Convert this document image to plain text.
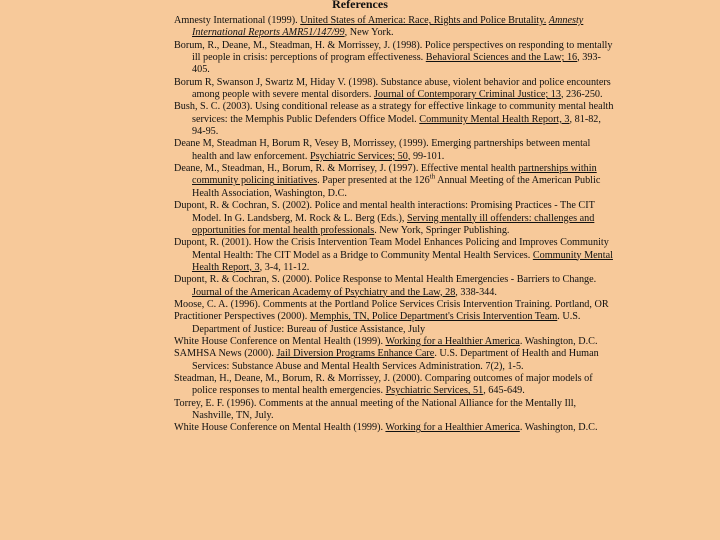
References

Amnesty International (1999). United States of America: Race, Rights and Police Brutality. Amnesty International Reports AMR51/147/99, New York.

Borum, R., Deane, M., Steadman, H. & Morrissey, J. (1998). Police perspectives on responding to mentally ill people in crisis: perceptions of program effectiveness. Behavioral Sciences and the Law; 16, 393-405.

Borum R, Swanson J, Swartz M, Hiday V. (1998). Substance abuse, violent behavior and police encounters among people with severe mental disorders. Journal of Contemporary Criminal Justice; 13, 236-250.

Bush, S. C. (2003). Using conditional release as a strategy for effective linkage to community mental health services: the Memphis Public Defenders Office Model. Community Mental Health Report, 3, 81-82, 94-95.

Deane M, Steadman H, Borum R, Vesey B, Morrissey, (1999). Emerging partnerships between mental health and law enforcement. Psychiatric Services; 50, 99-101.

Deane, M., Steadman, H., Borum, R. & Morrisey, J. (1997). Effective mental health partnerships within community policing initiatives. Paper presented at the 126th Annual Meeting of the American Public Health Association, Washington, D.C.

Dupont, R. & Cochran, S. (2002). Police and mental health interactions: Promising Practices - The CIT Model. In G. Landsberg, M. Rock & L. Berg (Eds.), Serving mentally ill offenders: challenges and opportunities for mental health professionals. New York, Springer Publishing.

Dupont, R. (2001). How the Crisis Intervention Team Model Enhances Policing and Improves Community Mental Health: The CIT Model as a Bridge to Community Mental Health Services. Community Mental Health Report, 3, 3-4, 11-12.

Dupont, R. & Cochran, S. (2000). Police Response to Mental Health Emergencies - Barriers to Change. Journal of the American Academy of Psychiatry and the Law, 28, 338-344.

Moose, C. A. (1996). Comments at the Portland Police Services Crisis Intervention Training. Portland, OR

Practitioner Perspectives (2000). Memphis, TN, Police Department's Crisis Intervention Team. U.S. Department of Justice: Bureau of Justice Assistance, July

White House Conference on Mental Health (1999). Working for a Healthier America. Washington, D.C.

SAMHSA News (2000). Jail Diversion Programs Enhance Care. U.S. Department of Health and Human Services: Substance Abuse and Mental Health Services Administration. 7(2), 1-5.

Steadman, H., Deane, M., Borum, R. & Morrissey, J. (2000). Comparing outcomes of major models of police responses to mental health emergencies. Psychiatric Services, 51, 645-649.

Torrey, E. F. (1996). Comments at the annual meeting of the National Alliance for the Mentally Ill, Nashville, TN, July.

White House Conference on Mental Health (1999). Working for a Healthier America. Washington, D.C.
